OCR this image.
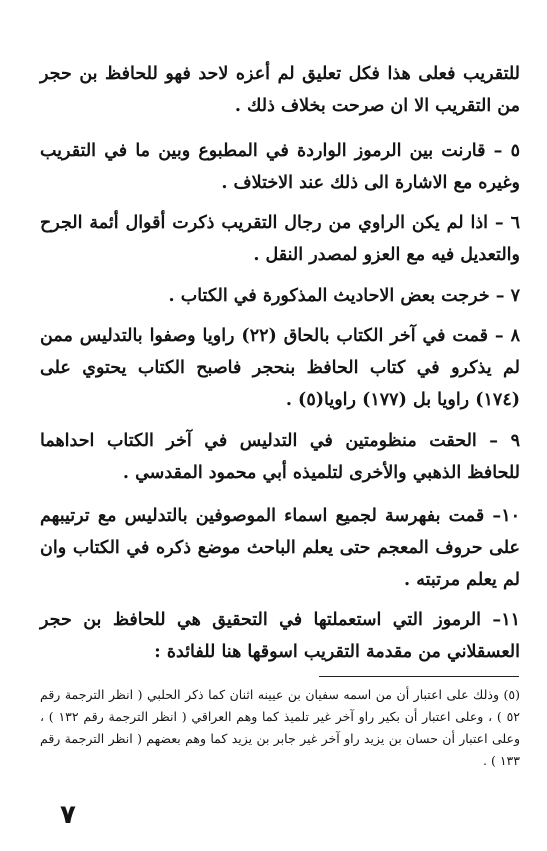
للتقريب فعلى هذا فكل تعليق لم أعزه لاحد فهو للحافظ بن حجر من التقريب الا ان صرحت بخلاف ذلك .

٥ – قارنت بين الرموز الواردة في المطبوع وبين ما في التقريب وغيره مع الاشارة الى ذلك عند الاختلاف .

٦ – اذا لم يكن الراوي من رجال التقريب ذكرت أقوال أئمة الجرح والتعديل فيه مع العزو لمصدر النقل .

٧ – خرجت بعض الاحاديث المذكورة في الكتاب .

٨ – قمت في آخر الكتاب بالحاق (٢٢) راويا وصفوا بالتدليس ممن لم يذكرو في كتاب الحافظ بنحجر فاصبح الكتاب يحتوي على (١٧٤) راويا بل (١٧٧) راويا(٥) .

٩ – الحقت منظومتين في التدليس في آخر الكتاب احداهما للحافظ الذهبي والأخرى لتلميذه أبي محمود المقدسي .

١٠– قمت بفهرسة لجميع اسماء الموصوفين بالتدليس مع ترتيبهم على حروف المعجم حتى يعلم الباحث موضع ذكره في الكتاب وان لم يعلم مرتبته .

١١– الرموز التي استعملتها في التحقيق هي للحافظ بن حجر العسقلاني من مقدمة التقريب اسوقها هنا للفائدة :

(٥) وذلك على اعتبار أن من اسمه سفيان بن عيينه اثنان كما ذكر الحلبي ( انظر الترجمة رقم ٥٢ ) ، وعلى اعتبار أن بكير راو آخر غير تلميذ كما وهم العراقي ( انظر الترجمة رقم ١٣٢ ) ، وعلى اعتبار أن حسان بن يزيد راو آخر غير جابر بن يزيد كما وهم بعضهم ( انظر الترجمة رقم ١٣٣ ) .

٧
